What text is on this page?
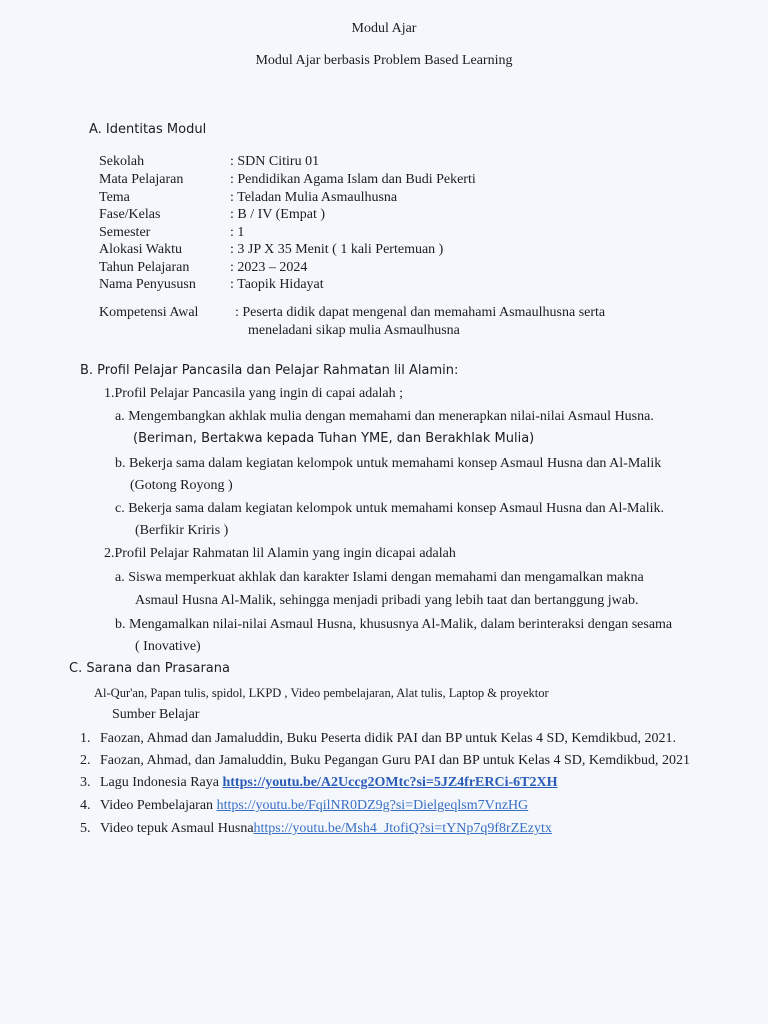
Modul Ajar
Modul Ajar berbasis Problem Based Learning
A. Identitas Modul
Sekolah	: SDN Citiru 01
Mata Pelajaran	: Pendidikan Agama Islam dan Budi Pekerti
Tema	: Teladan Mulia Asmaulhusna
Fase/Kelas	: B / IV (Empat )
Semester	: 1
Alokasi Waktu	: 3 JP X 35 Menit ( 1 kali Pertemuan )
Tahun Pelajaran	: 2023 – 2024
Nama Penyususn : Taopik Hidayat
Kompetensi Awal	: Peserta didik dapat mengenal dan memahami Asmaulhusna serta
meneladani sikap mulia Asmaulhusna
B. Profil Pelajar Pancasila dan Pelajar Rahmatan lil Alamin:
1.Profil Pelajar Pancasila yang ingin di capai adalah ;
a. Mengembangkan akhlak mulia dengan memahami dan menerapkan nilai-nilai Asmaul Husna.
(Beriman, Bertakwa kepada Tuhan YME, dan Berakhlak Mulia)
b. Bekerja sama dalam kegiatan kelompok untuk memahami konsep Asmaul Husna dan Al-Malik
(Gotong Royong )
c. Bekerja sama dalam kegiatan kelompok untuk memahami konsep Asmaul Husna dan Al-Malik.
(Berfikir Kriris )
2.Profil Pelajar Rahmatan lil Alamin yang ingin dicapai adalah
a. Siswa memperkuat akhlak dan karakter Islami dengan memahami dan mengamalkan makna
Asmaul Husna Al-Malik, sehingga menjadi pribadi yang lebih taat dan bertanggung jwab.
b. Mengamalkan nilai-nilai Asmaul Husna, khususnya Al-Malik, dalam berinteraksi dengan sesama
( Inovative)
C. Sarana dan Prasarana
Al-Qur'an, Papan tulis, spidol, LKPD , Video pembelajaran, Alat tulis, Laptop & proyektor
Sumber Belajar
1. Faozan, Ahmad dan Jamaluddin, Buku Peserta didik PAI dan BP untuk Kelas 4 SD, Kemdikbud, 2021.
2. Faozan, Ahmad, dan Jamaluddin, Buku Pegangan Guru PAI dan BP untuk Kelas 4 SD, Kemdikbud, 2021
3. Lagu Indonesia Raya https://youtu.be/A2Uccg2OMtc?si=5JZ4frERCi-6T2XH
4. Video Pembelajaran https://youtu.be/FqilNR0DZ9g?si=Dielgeqlsm7VnzHG
5. Video tepuk Asmaul Husnahttps://youtu.be/Msh4_JtofiQ?si=tYNp7q9f8rZEzytx
